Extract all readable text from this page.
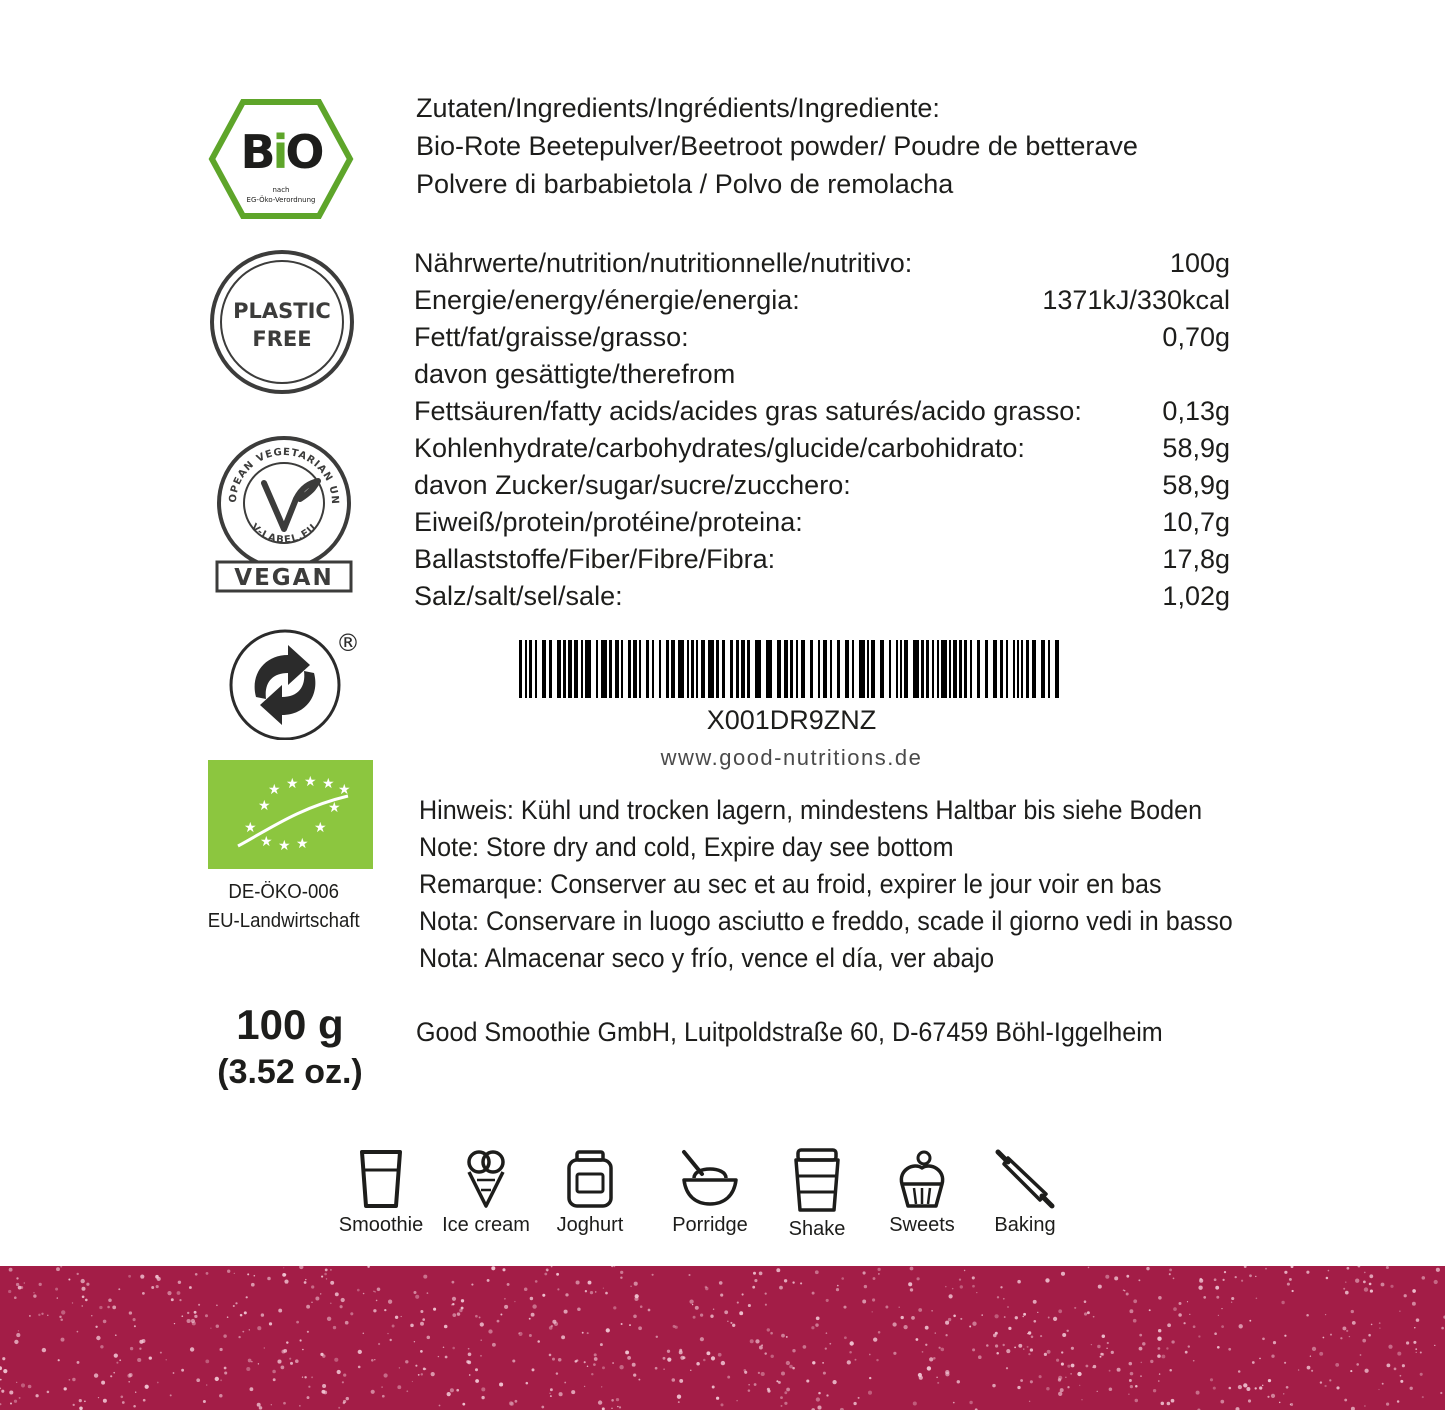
BiO
nach
EG-Öko-Verordnung
PLASTIC
FREE
OPEAN VEGETARIAN UN
V-LABEL.EU
VEGAN
®
★ ★ ★ ★ ★
★	★
★	★
★ ★ ★
DE-ÖKO-006
EU-Landwirtschaft
Zutaten/Ingredients/Ingrédients/Ingrediente:
Bio-Rote Beetepulver/Beetroot powder/ Poudre de betterave
Polvere di barbabietola / Polvo de remolacha
Nährwerte/nutrition/nutritionnelle/nutritivo:	100g
Energie/energy/énergie/energia:	1371kJ/330kcal
Fett/fat/graisse/grasso:	0,70g
davon gesättigte/therefrom
Fettsäuren/fatty acids/acides gras saturés/acido grasso:	0,13g
Kohlenhydrate/carbohydrates/glucide/carbohidrato:	58,9g
davon Zucker/sugar/sucre/zucchero:	58,9g
Eiweiß/protein/protéine/proteina:	10,7g
Ballaststoffe/Fiber/Fibre/Fibra:	17,8g
Salz/salt/sel/sale:	1,02g
X001DR9ZNZ
www.good-nutritions.de
Hinweis: Kühl und trocken lagern, mindestens Haltbar bis siehe Boden
Note: Store dry and cold, Expire day see bottom
Remarque: Conserver au sec et au froid, expirer le jour voir en bas
Nota: Conservare in luogo asciutto e freddo, scade il giorno vedi in basso
Nota: Almacenar seco y frío, vence el día, ver abajo
100 g
(3.52 oz.)
Good Smoothie GmbH, Luitpoldstraße 60, D-67459 Böhl-Iggelheim
Smoothie Ice cream	Joghurt	Porridge	Shake	Sweets	Baking
